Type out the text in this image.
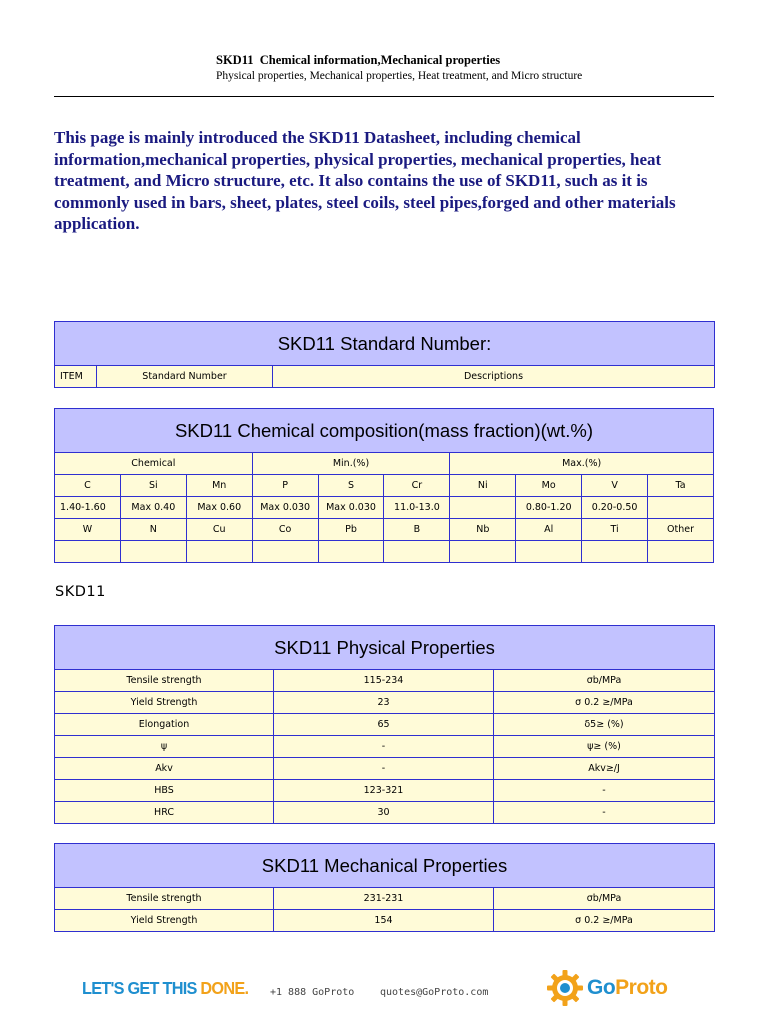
SKD11  Chemical information,Mechanical properties
Physical properties, Mechanical properties, Heat treatment, and Micro structure
This page is mainly introduced the SKD11 Datasheet, including chemical information,mechanical properties, physical properties, mechanical properties, heat treatment, and Micro structure, etc. It also contains the use of SKD11, such as it is commonly used in bars, sheet, plates, steel coils, steel pipes,forged and other materials application.
SKD11 Standard Number:
ITEM	Standard Number	Descriptions
SKD11 Chemical composition(mass fraction)(wt.%)									
Chemical			Min.(%)			Max.(%)			
C	Si	Mn	P	S	Cr	Ni	Mo	V	Ta
1.40-1.60	Max 0.40	Max 0.60	Max 0.030	Max 0.030	11.0-13.0		0.80-1.20	0.20-0.50	
W	N	Cu	Co	Pb	B	Nb	Al	Ti	Other

SKD11
SKD11 Physical Properties		
Tensile strength	115-234	σb/MPa
Yield Strength	23	σ 0.2 ≥/MPa
Elongation	65	δ5≥ (%)
ψ	-	ψ≥ (%)
Akv	-	Akv≥/J
HBS	123-321	-
HRC	30	-
SKD11 Mechanical Properties		
Tensile strength	231-231	σb/MPa
Yield Strength	154	σ 0.2 ≥/MPa
LET'S GET THIS DONE. +1 888 GoProto	quotes@GoProto.com	GoProto
